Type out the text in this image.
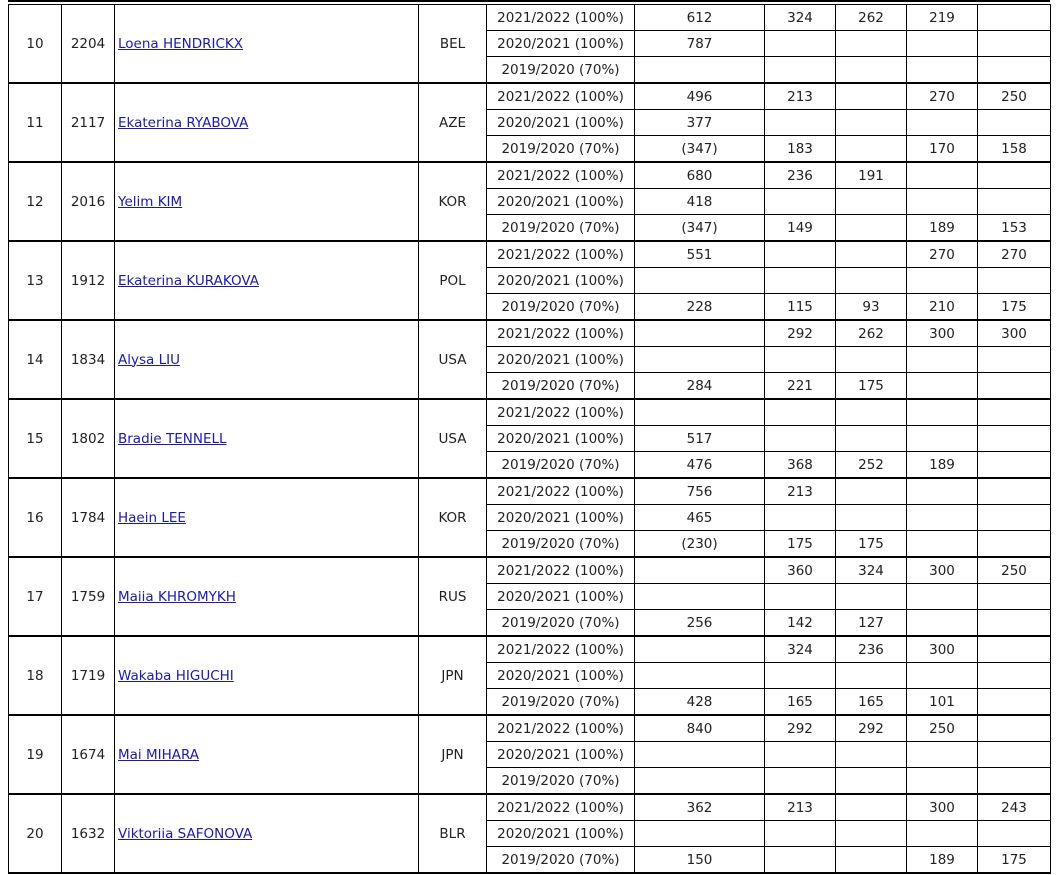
10	2204	Loena HENDRICKX	BEL	2021/2022 (100%)	612	324	262	219	
				2020/2021 (100%)	787				
				2019/2020 (70%)					
11	2117	Ekaterina RYABOVA	AZE	2021/2022 (100%)	496	213		270	250
				2020/2021 (100%)	377				
				2019/2020 (70%)	(347)	183		170	158
12	2016	Yelim KIM	KOR	2021/2022 (100%)	680	236	191		
				2020/2021 (100%)	418				
				2019/2020 (70%)	(347)	149		189	153
13	1912	Ekaterina KURAKOVA	POL	2021/2022 (100%)	551			270	270
				2020/2021 (100%)					
				2019/2020 (70%)	228	115	93	210	175
14	1834	Alysa LIU	USA	2021/2022 (100%)		292	262	300	300
				2020/2021 (100%)					
				2019/2020 (70%)	284	221	175		
15	1802	Bradie TENNELL	USA	2021/2022 (100%)					
				2020/2021 (100%)	517				
				2019/2020 (70%)	476	368	252	189	
16	1784	Haein LEE	KOR	2021/2022 (100%)	756	213			
				2020/2021 (100%)	465				
				2019/2020 (70%)	(230)	175	175		
17	1759	Maiia KHROMYKH	RUS	2021/2022 (100%)		360	324	300	250
				2020/2021 (100%)					
				2019/2020 (70%)	256	142	127		
18	1719	Wakaba HIGUCHI	JPN	2021/2022 (100%)		324	236	300	
				2020/2021 (100%)					
				2019/2020 (70%)	428	165	165	101	
19	1674	Mai MIHARA	JPN	2021/2022 (100%)	840	292	292	250	
				2020/2021 (100%)					
				2019/2020 (70%)					
20	1632	Viktoriia SAFONOVA	BLR	2021/2022 (100%)	362	213		300	243
				2020/2021 (100%)					
				2019/2020 (70%)	150			189	175
